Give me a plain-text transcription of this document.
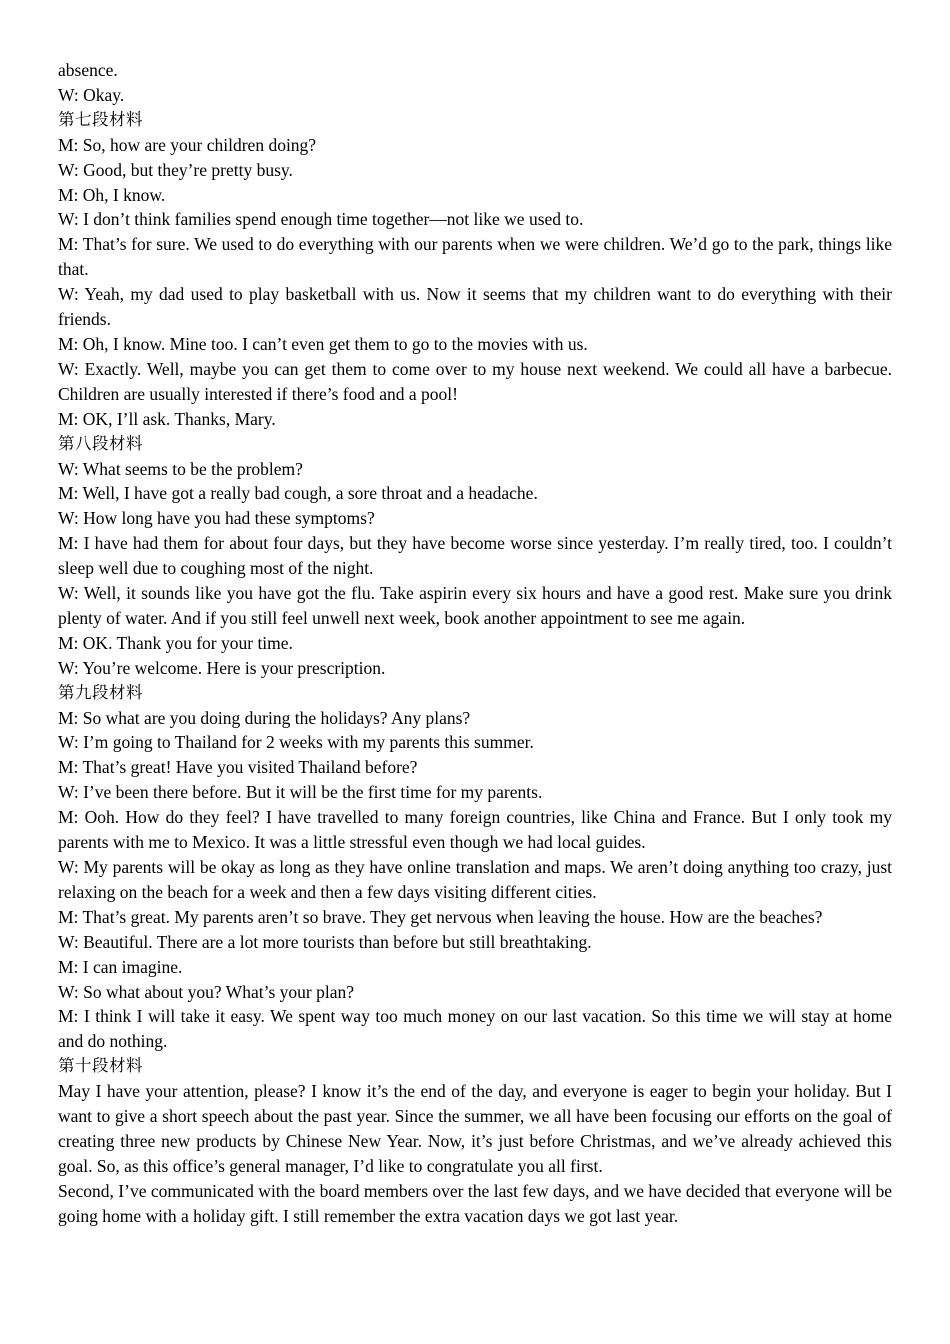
absence.

W: Okay.

第七段材料

M: So, how are your children doing?

W: Good, but they’re pretty busy.

M: Oh, I know.

W: I don’t think families spend enough time together—not like we used to.

M: That’s for sure. We used to do everything with our parents when we were children. We’d go to the park, things like that.

W: Yeah, my dad used to play basketball with us. Now it seems that my children want to do everything with their friends.

M: Oh, I know. Mine too. I can’t even get them to go to the movies with us.

W: Exactly. Well, maybe you can get them to come over to my house next weekend. We could all have a barbecue. Children are usually interested if there’s food and a pool!

M: OK, I’ll ask. Thanks, Mary.

第八段材料

W: What seems to be the problem?

M: Well, I have got a really bad cough, a sore throat and a headache.

W: How long have you had these symptoms?

M: I have had them for about four days, but they have become worse since yesterday. I’m really tired, too. I couldn’t sleep well due to coughing most of the night.

W: Well, it sounds like you have got the flu. Take aspirin every six hours and have a good rest. Make sure you drink plenty of water. And if you still feel unwell next week, book another appointment to see me again.

M: OK. Thank you for your time.

W: You’re welcome. Here is your prescription.

第九段材料

M: So what are you doing during the holidays? Any plans?

W: I’m going to Thailand for 2 weeks with my parents this summer.

M: That’s great! Have you visited Thailand before?

W: I’ve been there before. But it will be the first time for my parents.

M: Ooh. How do they feel? I have travelled to many foreign countries, like China and France. But I only took my parents with me to Mexico. It was a little stressful even though we had local guides.

W: My parents will be okay as long as they have online translation and maps. We aren’t doing anything too crazy, just relaxing on the beach for a week and then a few days visiting different cities.

M: That’s great. My parents aren’t so brave. They get nervous when leaving the house. How are the beaches?

W: Beautiful. There are a lot more tourists than before but still breathtaking.

M: I can imagine.

W: So what about you? What’s your plan?

M: I think I will take it easy. We spent way too much money on our last vacation. So this time we will stay at home and do nothing.

第十段材料

May I have your attention, please? I know it’s the end of the day, and everyone is eager to begin your holiday. But I want to give a short speech about the past year. Since the summer, we all have been focusing our efforts on the goal of creating three new products by Chinese New Year. Now, it’s just before Christmas, and we’ve already achieved this goal. So, as this office’s general manager, I’d like to congratulate you all first.

Second, I’ve communicated with the board members over the last few days, and we have decided that everyone will be going home with a holiday gift. I still remember the extra vacation days we got last year.
